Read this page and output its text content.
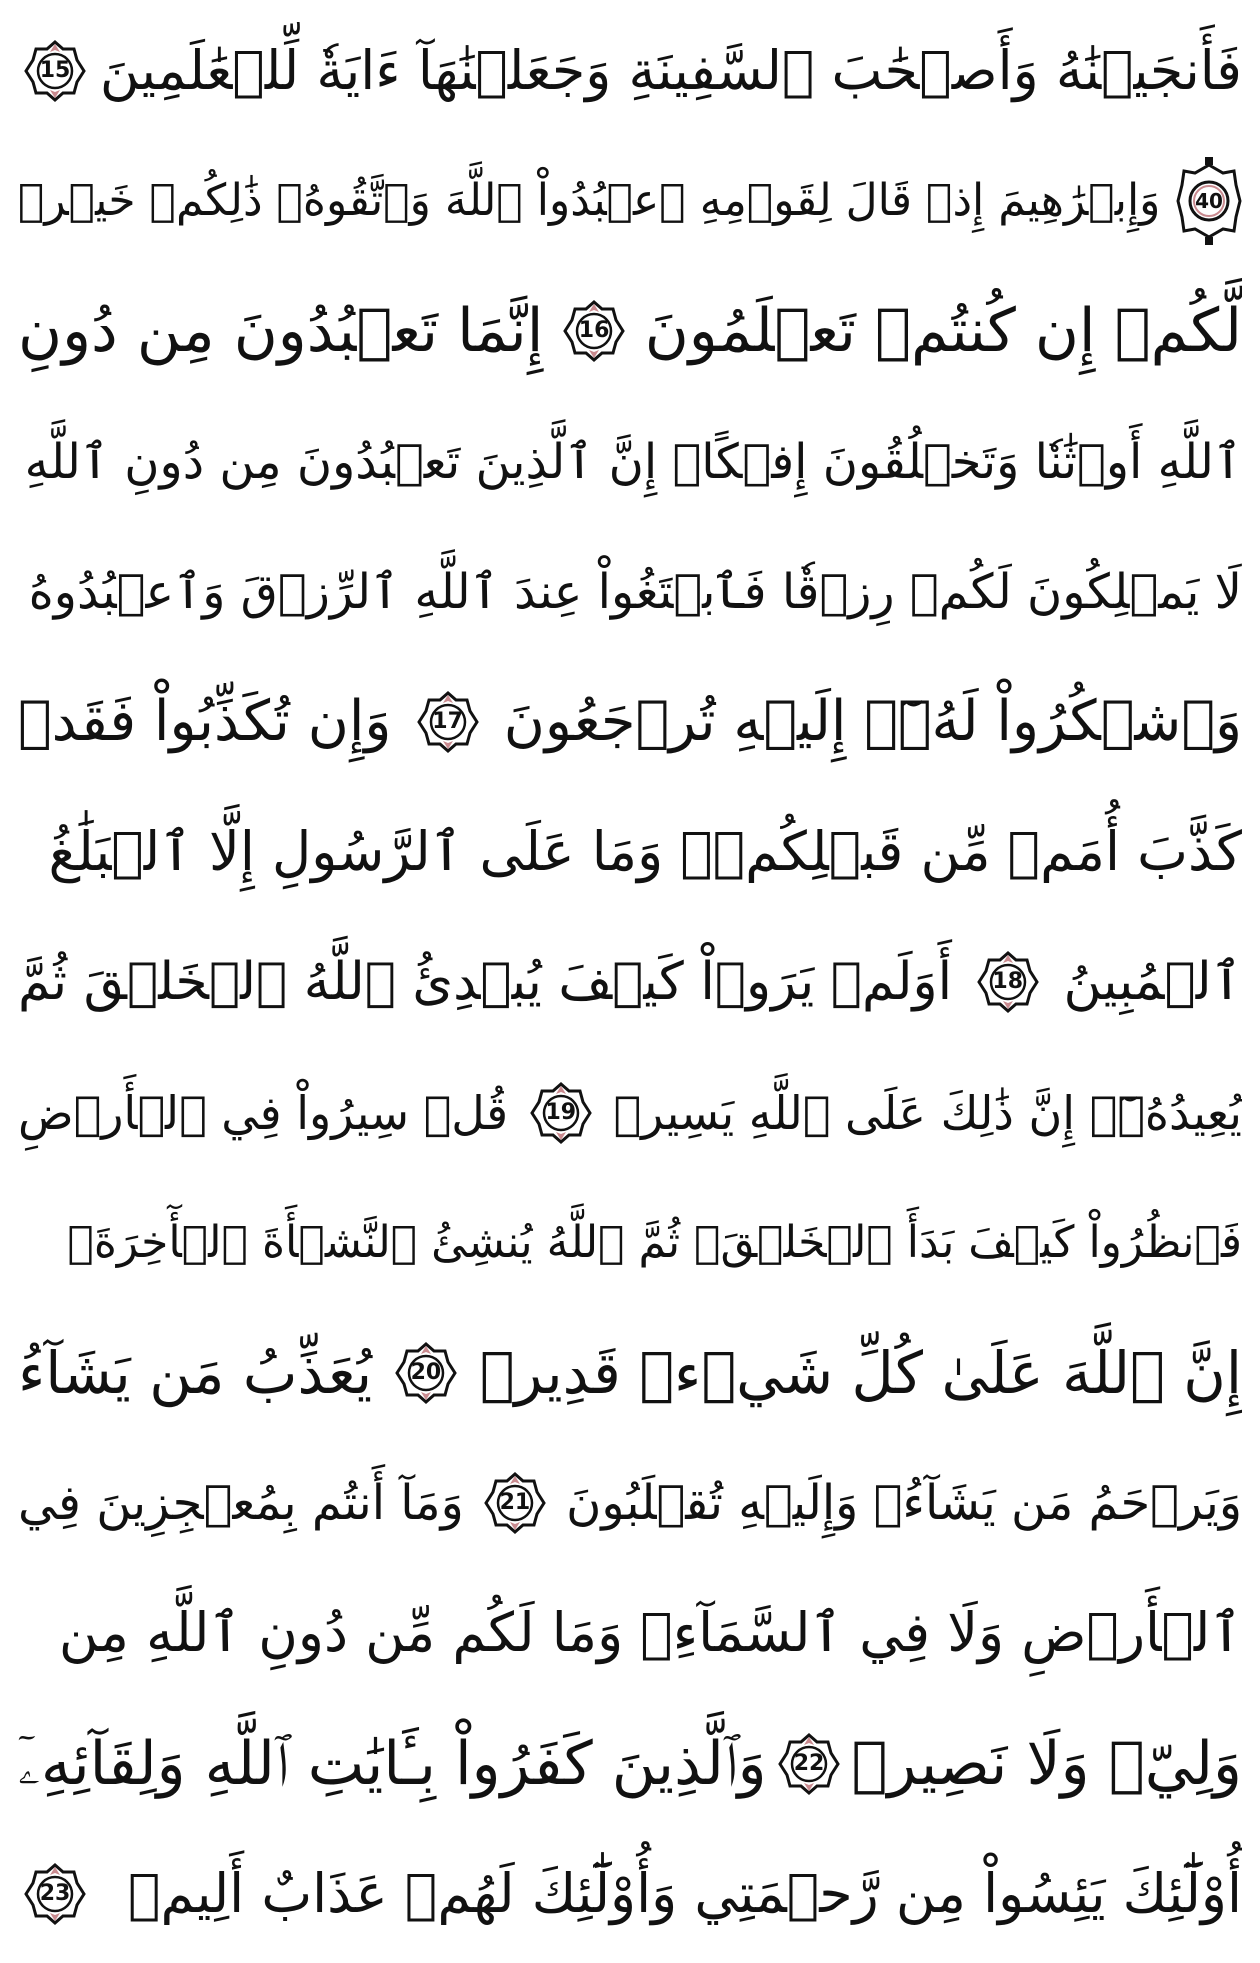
فَأَنجَيۡنَٰهُ وَأَصۡحَٰبَ ٱلسَّفِينَةِ وَجَعَلۡنَٰهَآ ءَايَةٗ لِّلۡعَٰلَمِينَ
15
40
وَإِبۡرَٰهِيمَ إِذۡ قَالَ لِقَوۡمِهِ ٱعۡبُدُواْ ٱللَّهَ وَٱتَّقُوهُۖ ذَٰلِكُمۡ خَيۡرٞ
لَّكُمۡ إِن كُنتُمۡ تَعۡلَمُونَ
16
إِنَّمَا تَعۡبُدُونَ مِن دُونِ
ٱللَّهِ أَوۡثَٰنٗا وَتَخۡلُقُونَ إِفۡكًاۚ إِنَّ ٱلَّذِينَ تَعۡبُدُونَ مِن دُونِ ٱللَّهِ
لَا يَمۡلِكُونَ لَكُمۡ رِزۡقٗا فَٱبۡتَغُواْ عِندَ ٱللَّهِ ٱلرِّزۡقَ وَٱعۡبُدُوهُ
وَٱشۡكُرُواْ لَهُۥٓۖ إِلَيۡهِ تُرۡجَعُونَ
17
وَإِن تُكَذِّبُواْ فَقَدۡ
كَذَّبَ أُمَمٞ مِّن قَبۡلِكُمۡۖ وَمَا عَلَى ٱلرَّسُولِ إِلَّا ٱلۡبَلَٰغُ
ٱلۡمُبِينُ
18
أَوَلَمۡ يَرَوۡاْ كَيۡفَ يُبۡدِئُ ٱللَّهُ ٱلۡخَلۡقَ ثُمَّ
يُعِيدُهُۥٓۚ إِنَّ ذَٰلِكَ عَلَى ٱللَّهِ يَسِيرٞ
19
قُلۡ سِيرُواْ فِي ٱلۡأَرۡضِ
فَٱنظُرُواْ كَيۡفَ بَدَأَ ٱلۡخَلۡقَۚ ثُمَّ ٱللَّهُ يُنشِئُ ٱلنَّشۡأَةَ ٱلۡأٓخِرَةَۚ
إِنَّ ٱللَّهَ عَلَىٰ كُلِّ شَيۡءٖ قَدِيرٞ
20
يُعَذِّبُ مَن يَشَآءُ
وَيَرۡحَمُ مَن يَشَآءُۖ وَإِلَيۡهِ تُقۡلَبُونَ
21
وَمَآ أَنتُم بِمُعۡجِزِينَ فِي
ٱلۡأَرۡضِ وَلَا فِي ٱلسَّمَآءِۖ وَمَا لَكُم مِّن دُونِ ٱللَّهِ مِن
وَلِيّٖ وَلَا نَصِيرٖ
22
وَٱلَّذِينَ كَفَرُواْ بِـَٔايَٰتِ ٱللَّهِ وَلِقَآئِهِۦٓ
أُوْلَٰٓئِكَ يَئِسُواْ مِن رَّحۡمَتِي وَأُوْلَٰٓئِكَ لَهُمۡ عَذَابٌ أَلِيمٞ
23
